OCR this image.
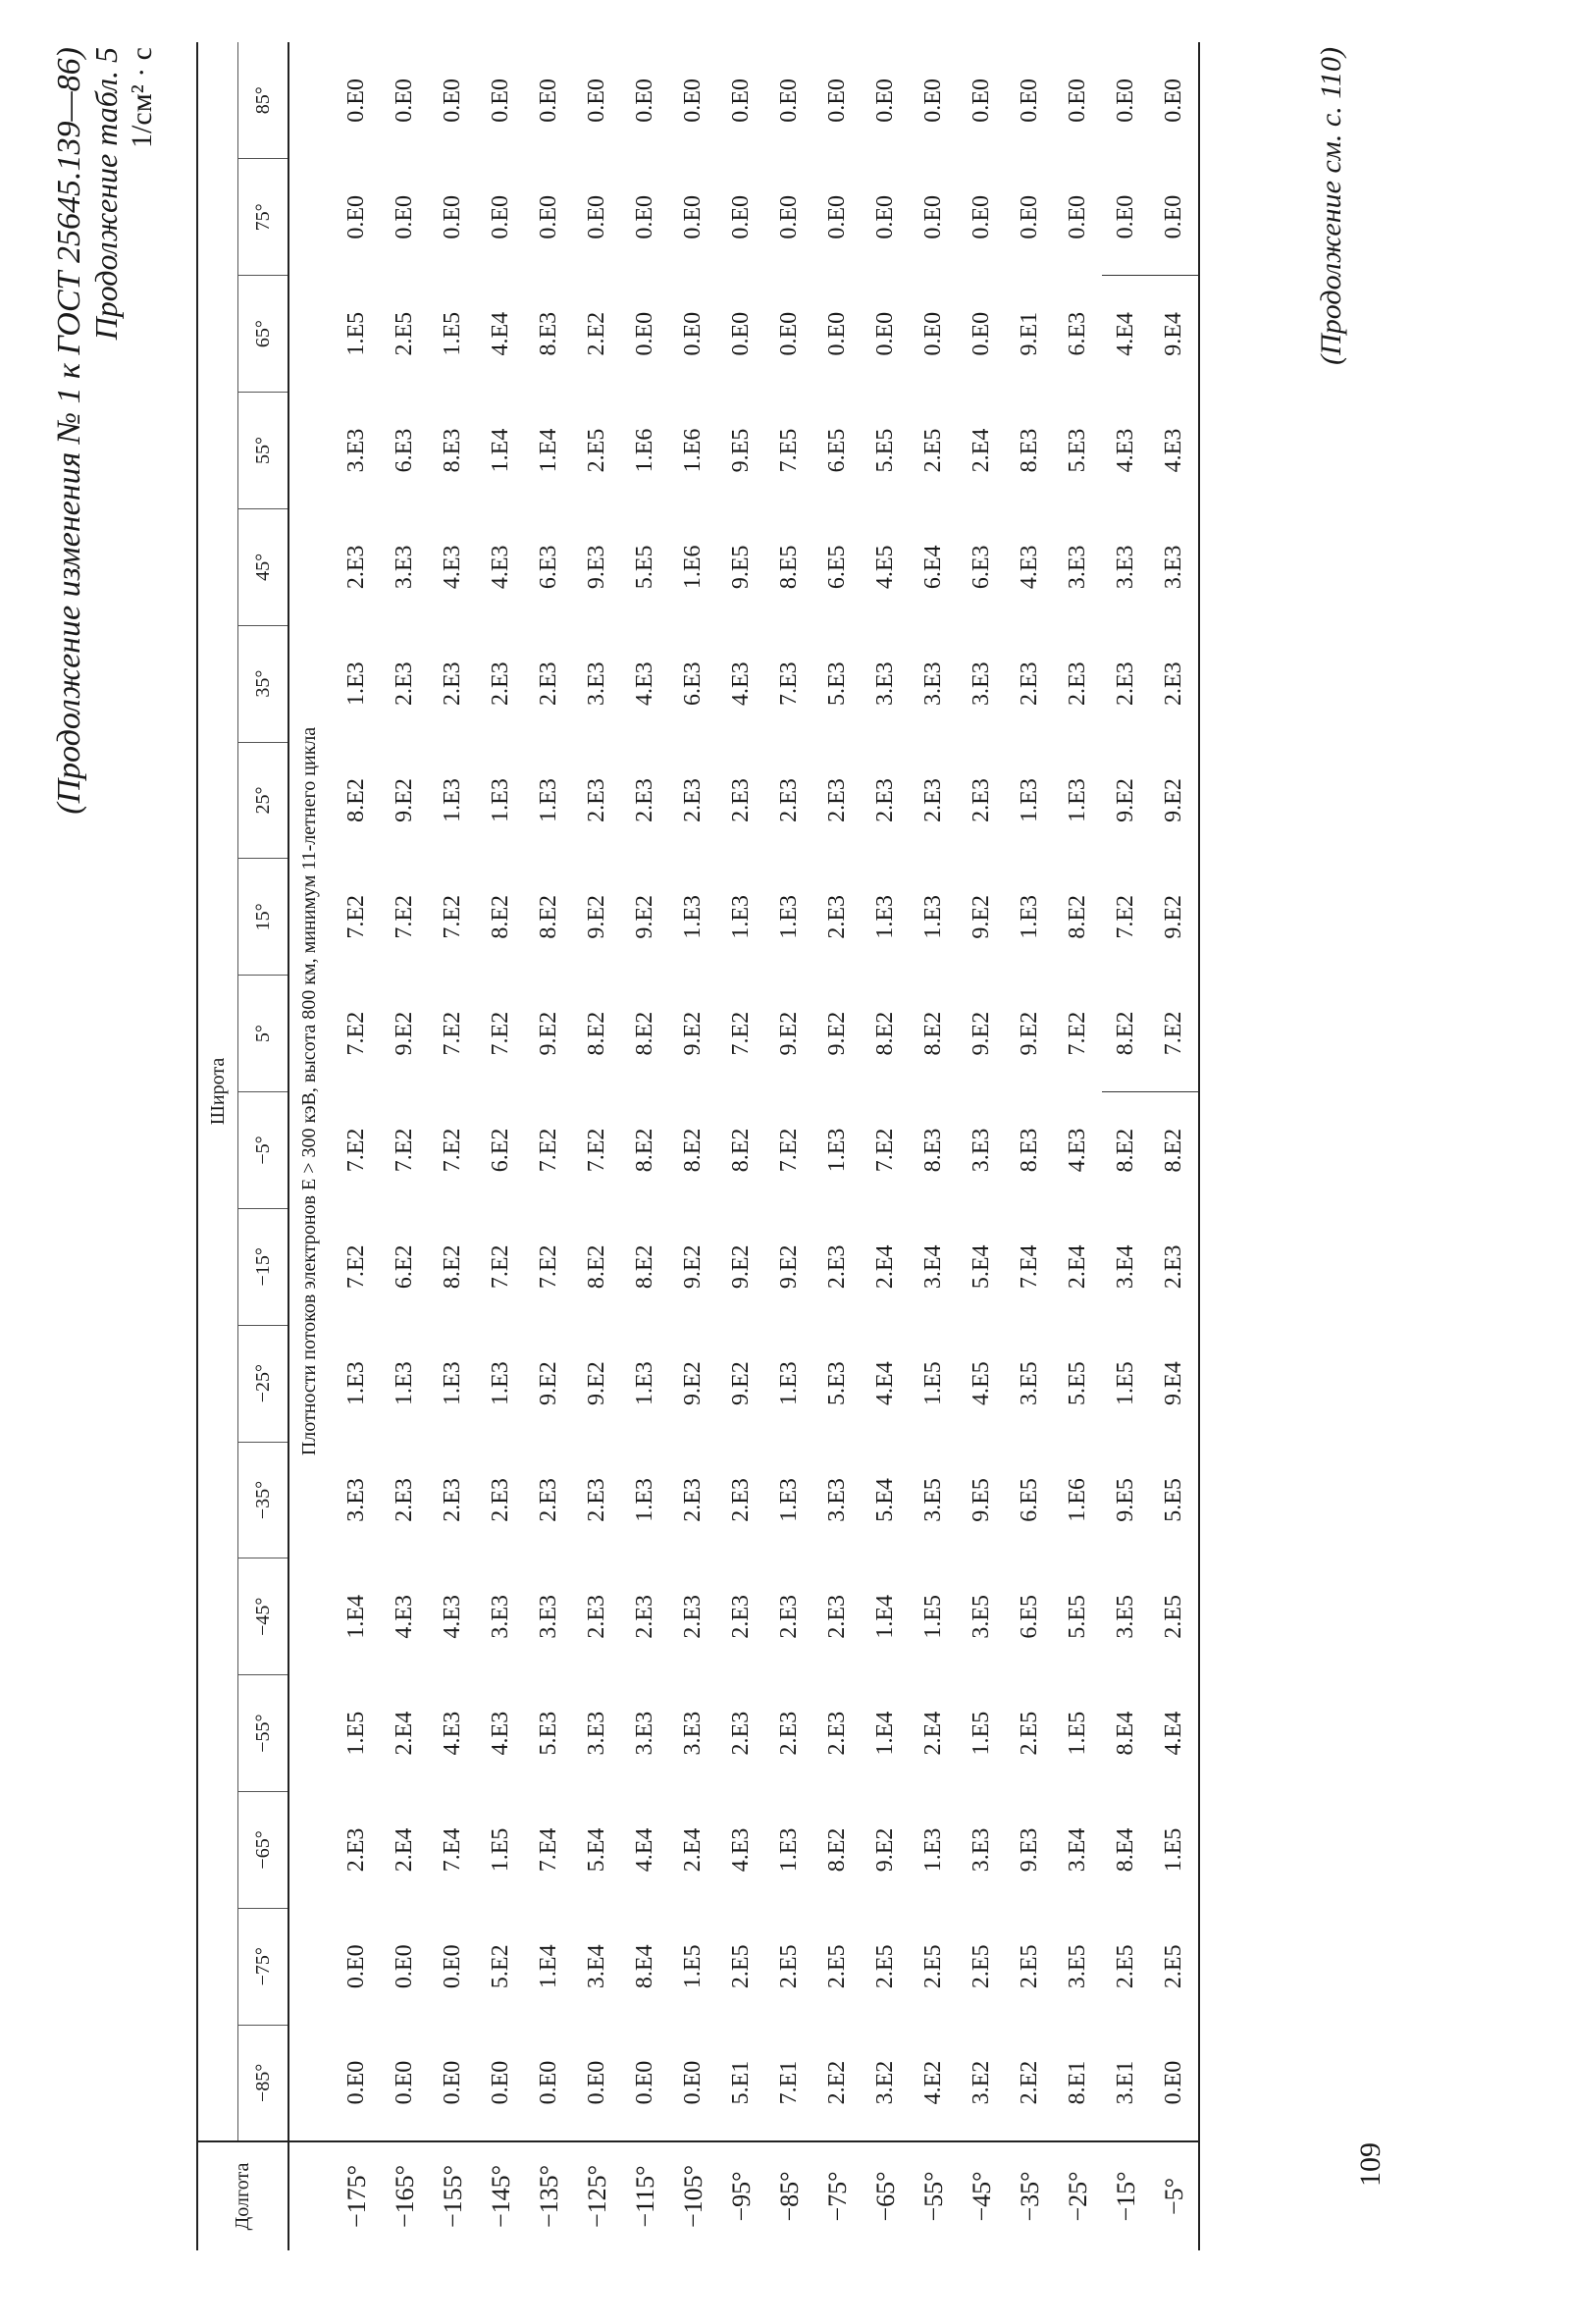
(Продолжение изменения № 1 к ГОСТ 25645.139—86) Продолжение табл. 5 1/см² · с
Долгота	Широта																	
	−85°	−75°	−65°	−55°	−45°	−35°	−25°	−15°	−5°	5°	15°	25°	35°	45°	55°	65°	75°	85°
	Плотности потоков электронов E > 300 кэВ, высота 800 км, минимум 11-летнего цикла																	
−175°	0.E0	0.E0	2.E3	1.E5	1.E4	3.E3	1.E3	7.E2	7.E2	7.E2	7.E2	8.E2	1.E3	2.E3	3.E3	1.E5	0.E0	0.E0
−165°	0.E0	0.E0	2.E4	2.E4	4.E3	2.E3	1.E3	6.E2	7.E2	9.E2	7.E2	9.E2	2.E3	3.E3	6.E3	2.E5	0.E0	0.E0
−155°	0.E0	0.E0	7.E4	4.E3	4.E3	2.E3	1.E3	8.E2	7.E2	7.E2	7.E2	1.E3	2.E3	4.E3	8.E3	1.E5	0.E0	0.E0
−145°	0.E0	5.E2	1.E5	4.E3	3.E3	2.E3	1.E3	7.E2	6.E2	7.E2	8.E2	1.E3	2.E3	4.E3	1.E4	4.E4	0.E0	0.E0
−135°	0.E0	1.E4	7.E4	5.E3	3.E3	2.E3	9.E2	7.E2	7.E2	9.E2	8.E2	1.E3	2.E3	6.E3	1.E4	8.E3	0.E0	0.E0
−125°	0.E0	3.E4	5.E4	3.E3	2.E3	2.E3	9.E2	8.E2	7.E2	8.E2	9.E2	2.E3	3.E3	9.E3	2.E5	2.E2	0.E0	0.E0
−115°	0.E0	8.E4	4.E4	3.E3	2.E3	1.E3	1.E3	8.E2	8.E2	8.E2	9.E2	2.E3	4.E3	5.E5	1.E6	0.E0	0.E0	0.E0
−105°	0.E0	1.E5	2.E4	3.E3	2.E3	2.E3	9.E2	9.E2	8.E2	9.E2	1.E3	2.E3	6.E3	1.E6	1.E6	0.E0	0.E0	0.E0
−95°	5.E1	2.E5	4.E3	2.E3	2.E3	2.E3	9.E2	9.E2	8.E2	7.E2	1.E3	2.E3	4.E3	9.E5	9.E5	0.E0	0.E0	0.E0
−85°	7.E1	2.E5	1.E3	2.E3	2.E3	1.E3	1.E3	9.E2	7.E2	9.E2	1.E3	2.E3	7.E3	8.E5	7.E5	0.E0	0.E0	0.E0
−75°	2.E2	2.E5	8.E2	2.E3	2.E3	3.E3	5.E3	2.E3	1.E3	9.E2	2.E3	2.E3	5.E3	6.E5	6.E5	0.E0	0.E0	0.E0
−65°	3.E2	2.E5	9.E2	1.E4	1.E4	5.E4	4.E4	2.E4	7.E2	8.E2	1.E3	2.E3	3.E3	4.E5	5.E5	0.E0	0.E0	0.E0
−55°	4.E2	2.E5	1.E3	2.E4	1.E5	3.E5	1.E5	3.E4	8.E3	8.E2	1.E3	2.E3	3.E3	6.E4	2.E5	0.E0	0.E0	0.E0
−45°	3.E2	2.E5	3.E3	1.E5	3.E5	9.E5	4.E5	5.E4	3.E3	9.E2	9.E2	2.E3	3.E3	6.E3	2.E4	0.E0	0.E0	0.E0
−35°	2.E2	2.E5	9.E3	2.E5	6.E5	6.E5	3.E5	7.E4	8.E3	9.E2	1.E3	1.E3	2.E3	4.E3	8.E3	9.E1	0.E0	0.E0
−25°	8.E1	3.E5	3.E4	1.E5	5.E5	1.E6	5.E5	2.E4	4.E3	7.E2	8.E2	1.E3	2.E3	3.E3	5.E3	6.E3	0.E0	0.E0
−15°	3.E1	2.E5	8.E4	8.E4	3.E5	9.E5	1.E5	3.E4	8.E2	8.E2	7.E2	9.E2	2.E3	3.E3	4.E3	4.E4	0.E0	0.E0
−5°	0.E0	2.E5	1.E5	4.E4	2.E5	5.E5	9.E4	2.E3	8.E2	7.E2	9.E2	9.E2	2.E3	3.E3	4.E3	9.E4	0.E0	0.E0	(Продолжение см. с. 110)
109
